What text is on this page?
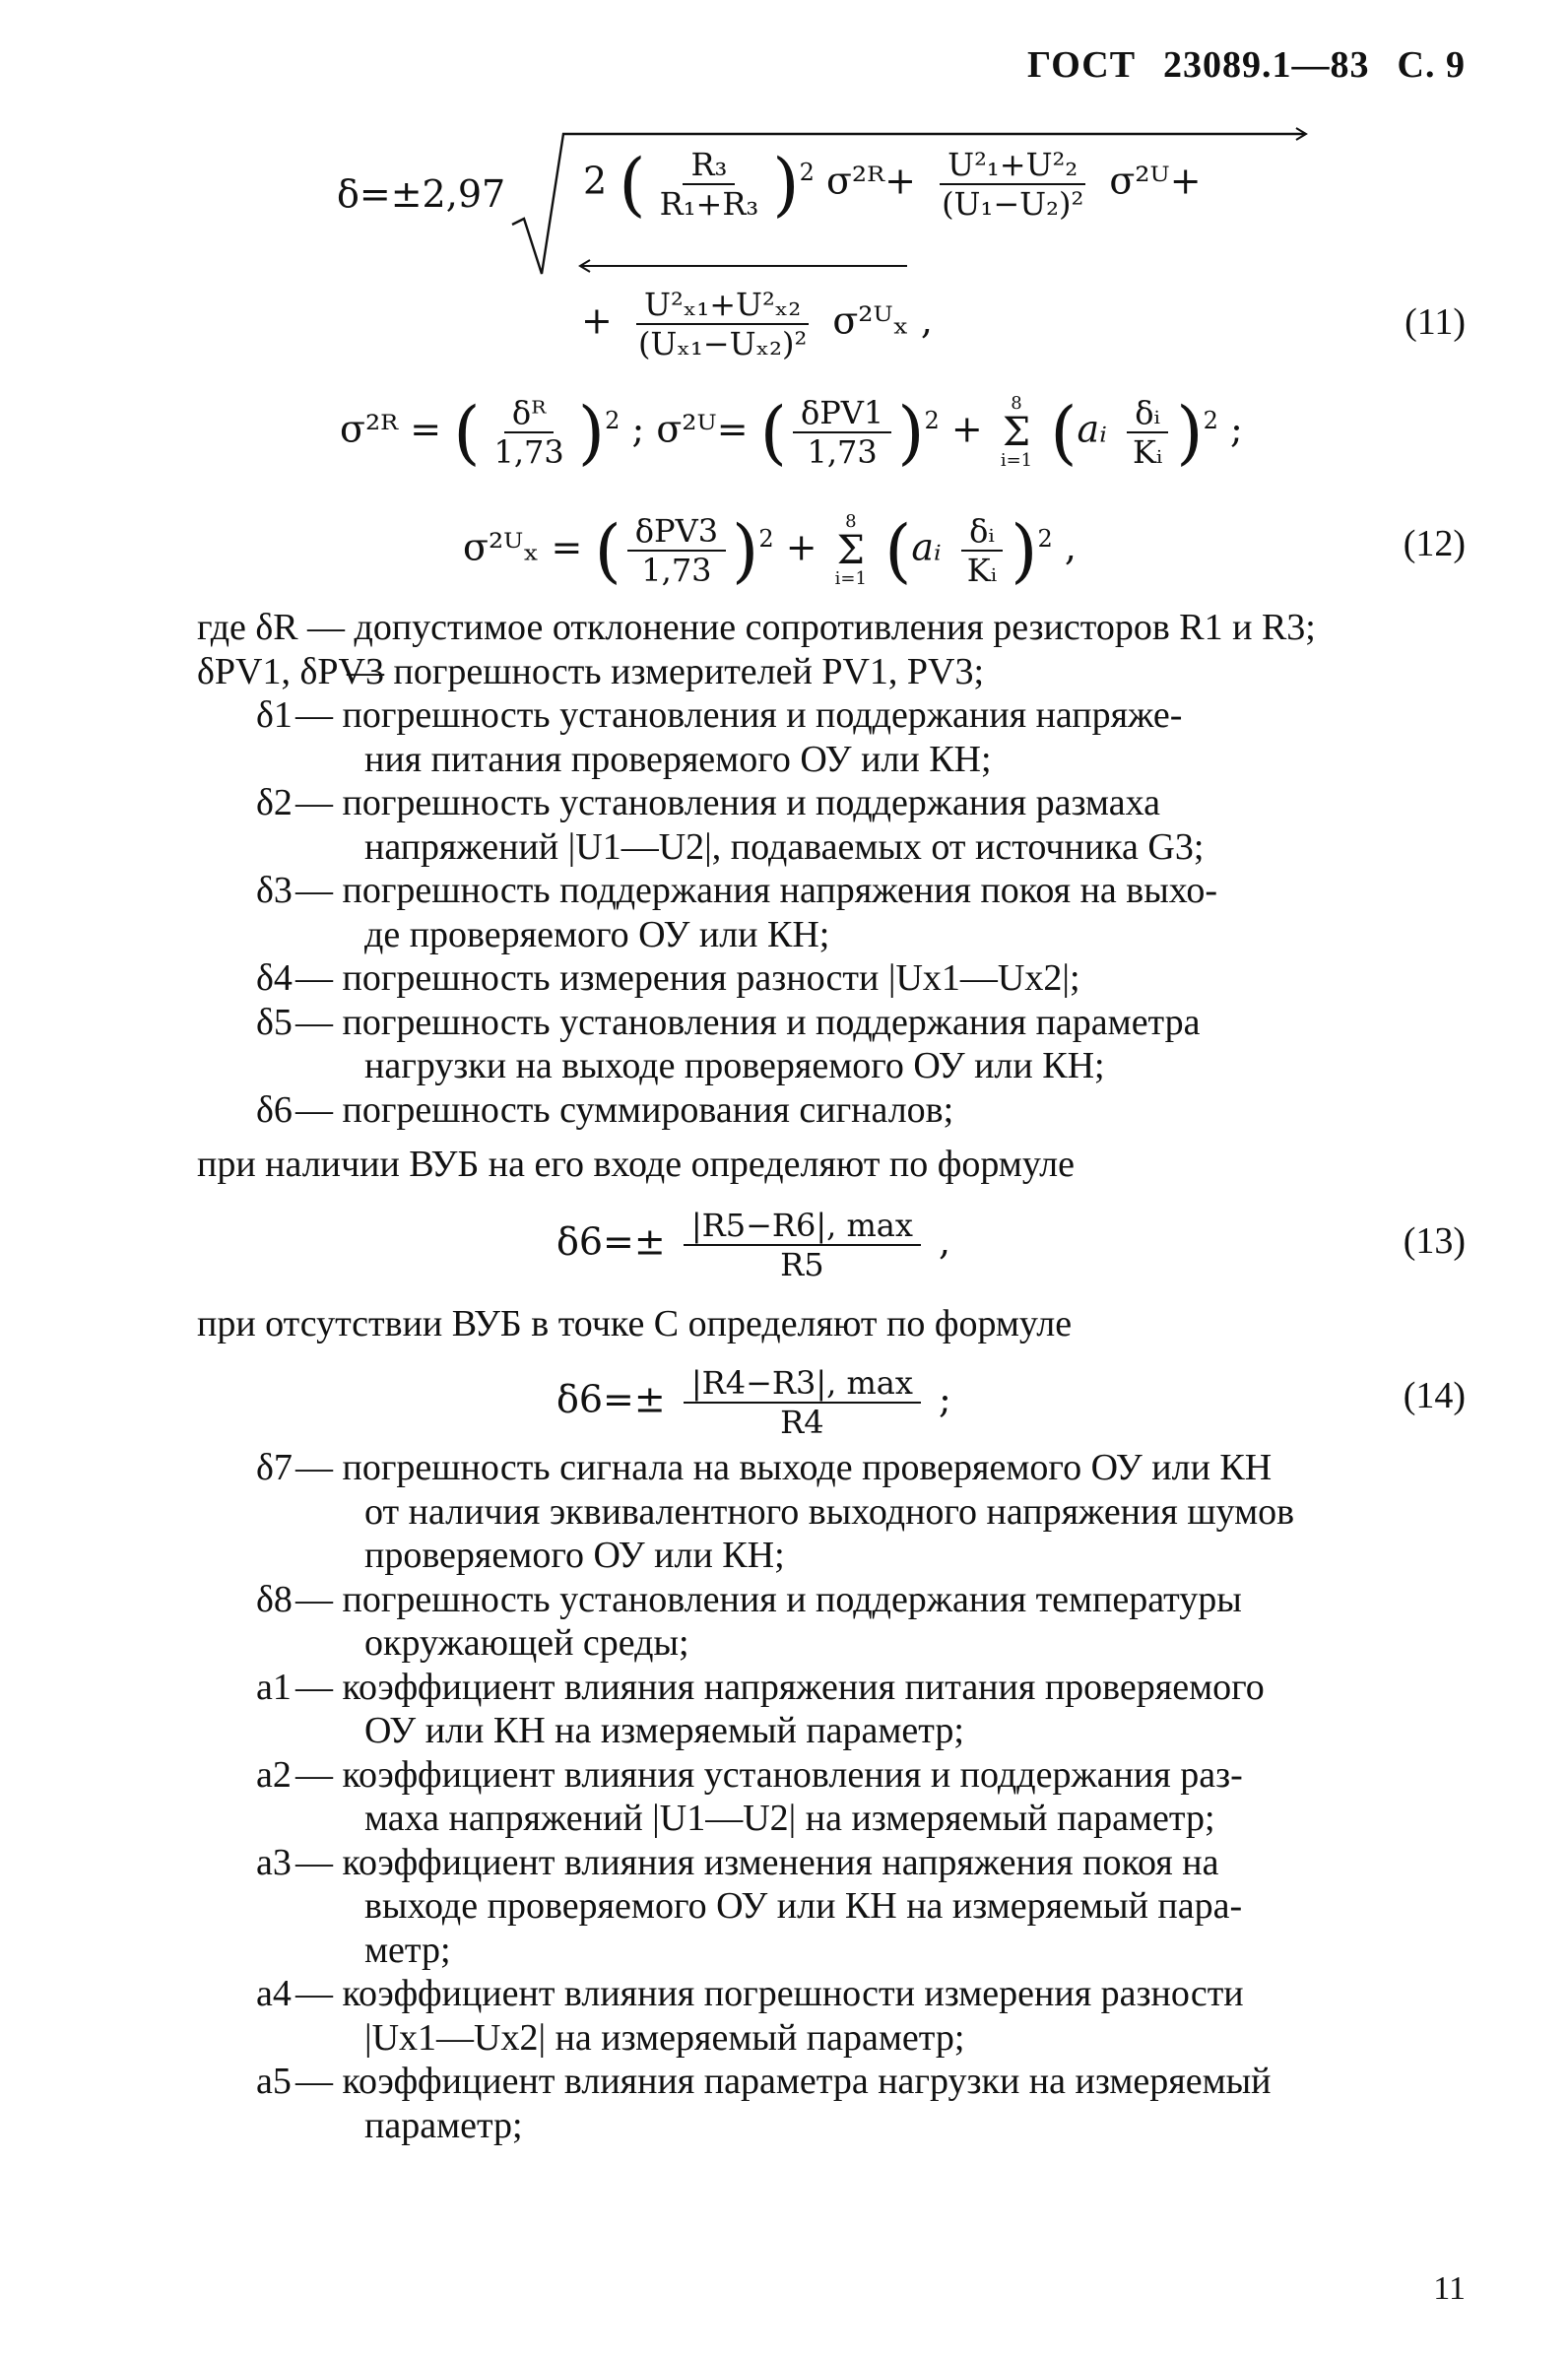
ГОСТ 23089.1—83 С. 9
δ=±2,97 2 ( $\frac{\text{R₃}}{\text{R₁+R₃}} )^2$ σ²ᴿ+ $\frac{\text{U²₁+U²₂}}{\text{(U₁−U₂)²}}$ σ²ᵁ+
+ $\frac{\text{U²ₓ₁+U²ₓ₂}}{\text{(Uₓ₁−Uₓ₂)²}}$ σ²ᵁₓ ,	(11)
σ²ᴿ = ( $\frac{\text{δᴿ}}{1,73} )^2$ ; σ²ᵁ= ( $\frac{\text{δPV1}}{1,73} )^2$ +
8
Σ
i=1 (aᵢ $\frac{\text{δᵢ}}{\text{Kᵢ}} )^2$ ;
σ²ᵁₓ = ( $\frac{\text{δPV3}}{1,73} )^2$ +
8
Σ
i=1 (aᵢ $\frac{\text{δᵢ}}{\text{Kᵢ}} )^2$ ,	(12)
где δR — допустимое отклонение сопротивления резисторов R1 и R3;
δPV1, δPV3
— погрешность измерителей PV1, PV3;
δ1 — погрешность установления и поддержания напряже-
ния питания проверяемого ОУ или КН;
δ2 — погрешность установления и поддержания размаха
напряжений |U1—U2|, подаваемых от источника G3;
δ3 — погрешность поддержания напряжения покоя на выхо-
де проверяемого ОУ или КН;
δ4 — погрешность измерения разности |Ux1—Ux2|;
δ5 — погрешность установления и поддержания параметра
нагрузки на выходе проверяемого ОУ или КН;
δ6 — погрешность суммирования сигналов;
при наличии ВУБ на его входе определяют по формуле
$\delta 6=\pm \frac{|R5-R6|, \max}{R5}$ ,	(13)
при отсутствии ВУБ в точке С определяют по формуле
$\delta 6=\pm \frac{|R4-R3|, \max}{R4}$ ;	(14)
δ7 — погрешность сигнала на выходе проверяемого ОУ или КН
от наличия эквивалентного выходного напряжения шумов
проверяемого ОУ или КН;
δ8 — погрешность установления и поддержания температуры
окружающей среды;
a1 — коэффициент влияния напряжения питания проверяемого
ОУ или КН на измеряемый параметр;
a2 — коэффициент влияния установления и поддержания раз-
маха напряжений |U1—U2| на измеряемый параметр;
a3 — коэффициент влияния изменения напряжения покоя на
выходе проверяемого ОУ или КН на измеряемый пара-
метр;
a4 — коэффициент влияния погрешности измерения разности
|Ux1—Ux2| на измеряемый параметр;
a5 — коэффициент влияния параметра нагрузки на измеряемый
параметр;
11
